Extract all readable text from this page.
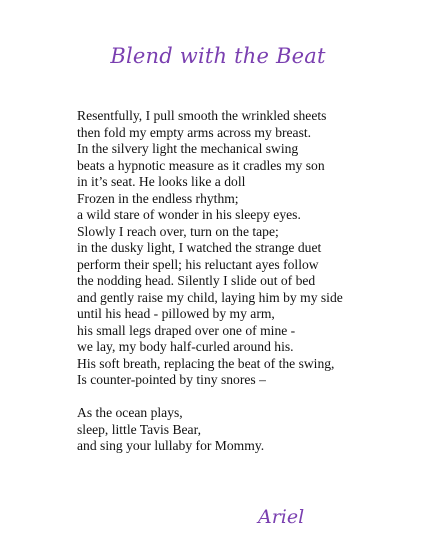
Blend with the Beat
Resentfully, I pull smooth the wrinkled sheets
then fold my empty arms across my breast.
In the silvery light the mechanical swing
beats a hypnotic measure as it cradles my son
in it’s seat. He looks like a doll
Frozen in the endless rhythm;
a wild stare of wonder in his sleepy eyes.
Slowly I reach over, turn on the tape;
in the dusky light, I watched the strange duet
perform their spell; his reluctant ayes follow
the nodding head. Silently I slide out of bed
and gently raise my child, laying him by my side
until his head - pillowed by my arm,
his small legs draped over one of mine -
we lay, my body half-curled around his.
His soft breath, replacing the beat of the swing,
Is counter-pointed by tiny snores –
As the ocean plays,
sleep, little Tavis Bear,
and sing your lullaby for Mommy.
Ariel
